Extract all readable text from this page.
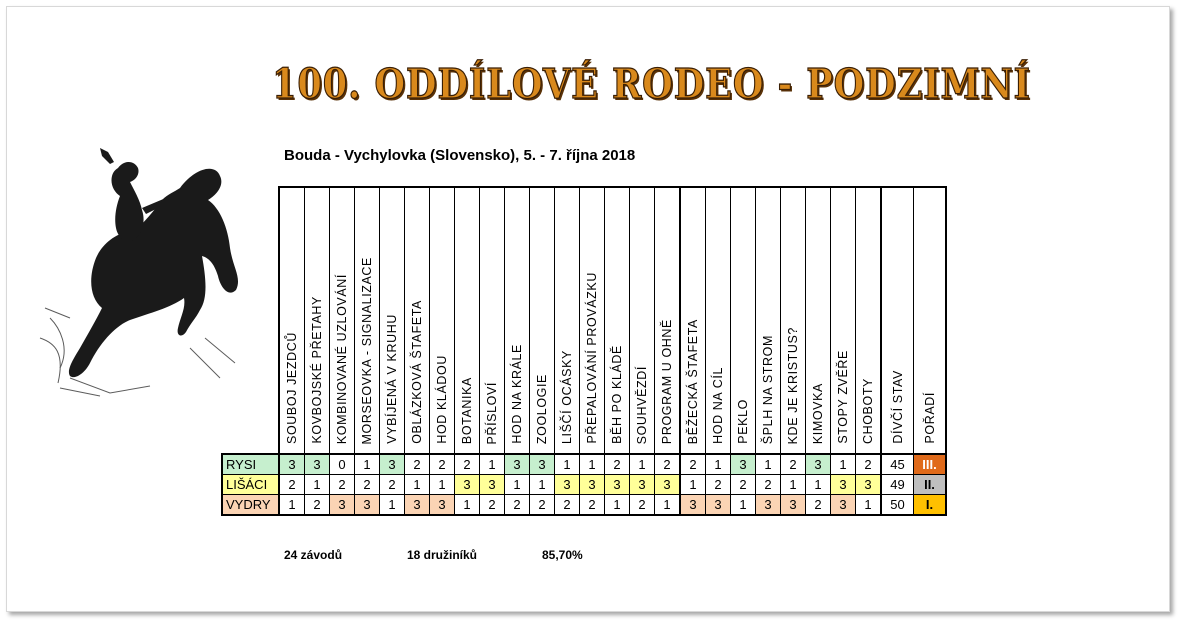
100. ODDÍLOVÉ RODEO - PODZIMNÍ
Bouda - Vychylovka (Slovensko), 5. - 7. října 2018
	SOUBOJ JEZDCŮ	KOVBOJSKÉ PŘETAHY	KOMBINOVANÉ UZLOVÁNÍ	MORSEOVKA - SIGNALIZACE	VYBÍJENÁ V KRUHU	OBLÁZKOVÁ ŠTAFETA	HOD KLÁDOU	BOTANIKA	PŘÍSLOVÍ	HOD NA KRÁLE	ZOOLOGIE	LIŠČÍ OCÁSKY	PŘEPALOVÁNÍ PROVÁZKU	BĚH PO KLÁDĚ	SOUHVĚZDÍ	PROGRAM U OHNĚ	BĚŽECKÁ ŠTAFETA	HOD NA CÍL	PEKLO	ŠPLH NA STROM	KDE JE KRISTUS?	KIMOVKA	STOPY ZVĚŘE	CHOBOTY	DÍVČÍ STAV	POŘADÍ
RYSI	3	3	0	1	3	2	2	2	1	3	3	1	1	2	1	2	2	1	3	1	2	3	1	2	45	III.
LIŠÁCI	2	1	2	2	2	1	1	3	3	1	1	3	3	3	3	3	1	2	2	2	1	1	3	3	49	II.
VYDRY	1	2	3	3	1	3	3	1	2	2	2	2	2	1	2	1	3	3	1	3	3	2	3	1	50	I.
24 závodů	18 družiníků	85,70%
